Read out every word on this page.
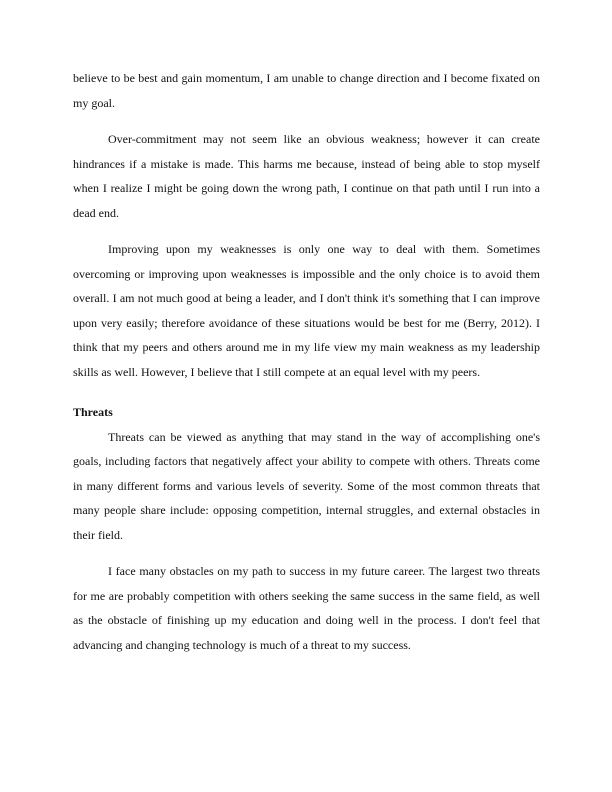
believe to be best and gain momentum, I am unable to change direction and I become fixated on my goal.

Over-commitment may not seem like an obvious weakness; however it can create hindrances if a mistake is made. This harms me because, instead of being able to stop myself when I realize I might be going down the wrong path, I continue on that path until I run into a dead end.

Improving upon my weaknesses is only one way to deal with them. Sometimes overcoming or improving upon weaknesses is impossible and the only choice is to avoid them overall. I am not much good at being a leader, and I don't think it's something that I can improve upon very easily; therefore avoidance of these situations would be best for me (Berry, 2012). I think that my peers and others around me in my life view my main weakness as my leadership skills as well. However, I believe that I still compete at an equal level with my peers.

Threats

Threats can be viewed as anything that may stand in the way of accomplishing one's goals, including factors that negatively affect your ability to compete with others. Threats come in many different forms and various levels of severity. Some of the most common threats that many people share include: opposing competition, internal struggles, and external obstacles in their field.

I face many obstacles on my path to success in my future career. The largest two threats for me are probably competition with others seeking the same success in the same field, as well as the obstacle of finishing up my education and doing well in the process. I don't feel that advancing and changing technology is much of a threat to my success.
